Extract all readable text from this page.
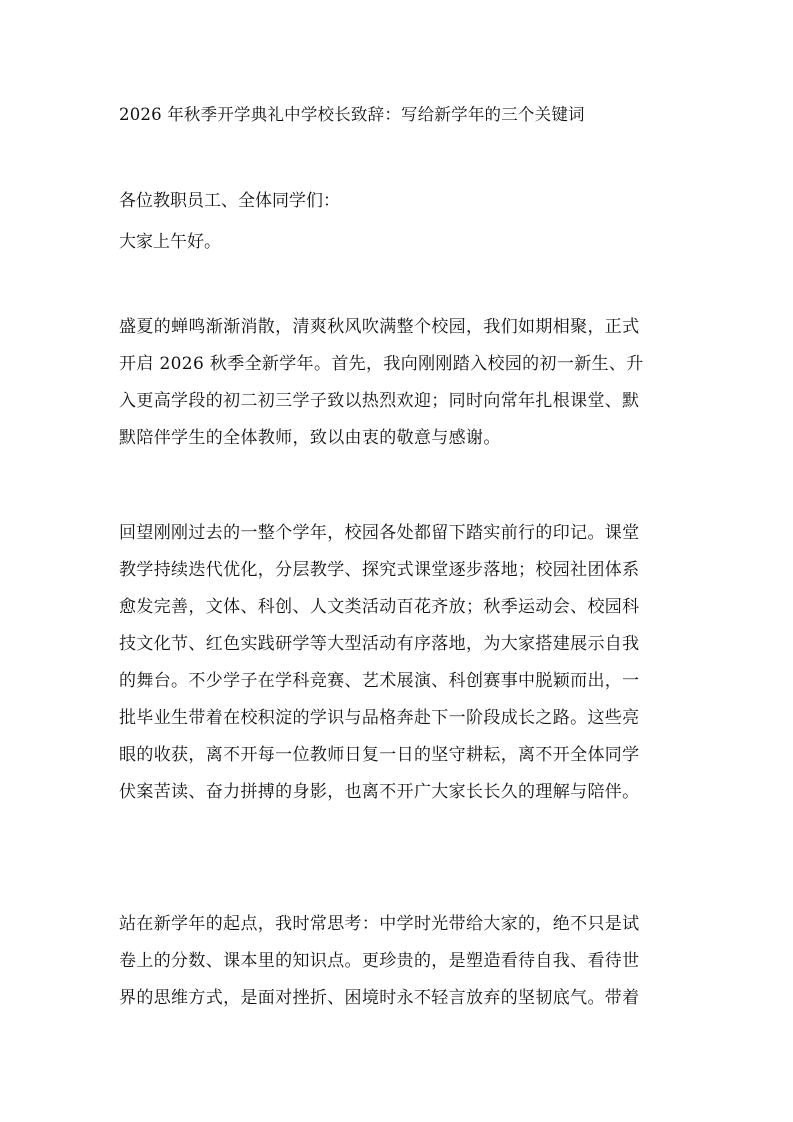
2026 年秋季开学典礼中学校长致辞：写给新学年的三个关键词
各位教职员工、全体同学们：
大家上午好。
盛夏的蝉鸣渐渐消散，清爽秋风吹满整个校园，我们如期相聚，正式
开启 2026 秋季全新学年。首先，我向刚刚踏入校园的初一新生、升
入更高学段的初二初三学子致以热烈欢迎；同时向常年扎根课堂、默
默陪伴学生的全体教师，致以由衷的敬意与感谢。
回望刚刚过去的一整个学年，校园各处都留下踏实前行的印记。课堂
教学持续迭代优化，分层教学、探究式课堂逐步落地；校园社团体系
愈发完善，文体、科创、人文类活动百花齐放；秋季运动会、校园科
技文化节、红色实践研学等大型活动有序落地，为大家搭建展示自我
的舞台。不少学子在学科竞赛、艺术展演、科创赛事中脱颖而出，一
批毕业生带着在校积淀的学识与品格奔赴下一阶段成长之路。这些亮
眼的收获，离不开每一位教师日复一日的坚守耕耘，离不开全体同学
伏案苦读、奋力拼搏的身影，也离不开广大家长长久的理解与陪伴。
站在新学年的起点，我时常思考：中学时光带给大家的，绝不只是试
卷上的分数、课本里的知识点。更珍贵的，是塑造看待自我、看待世
界的思维方式，是面对挫折、困境时永不轻言放弃的坚韧底气。带着
